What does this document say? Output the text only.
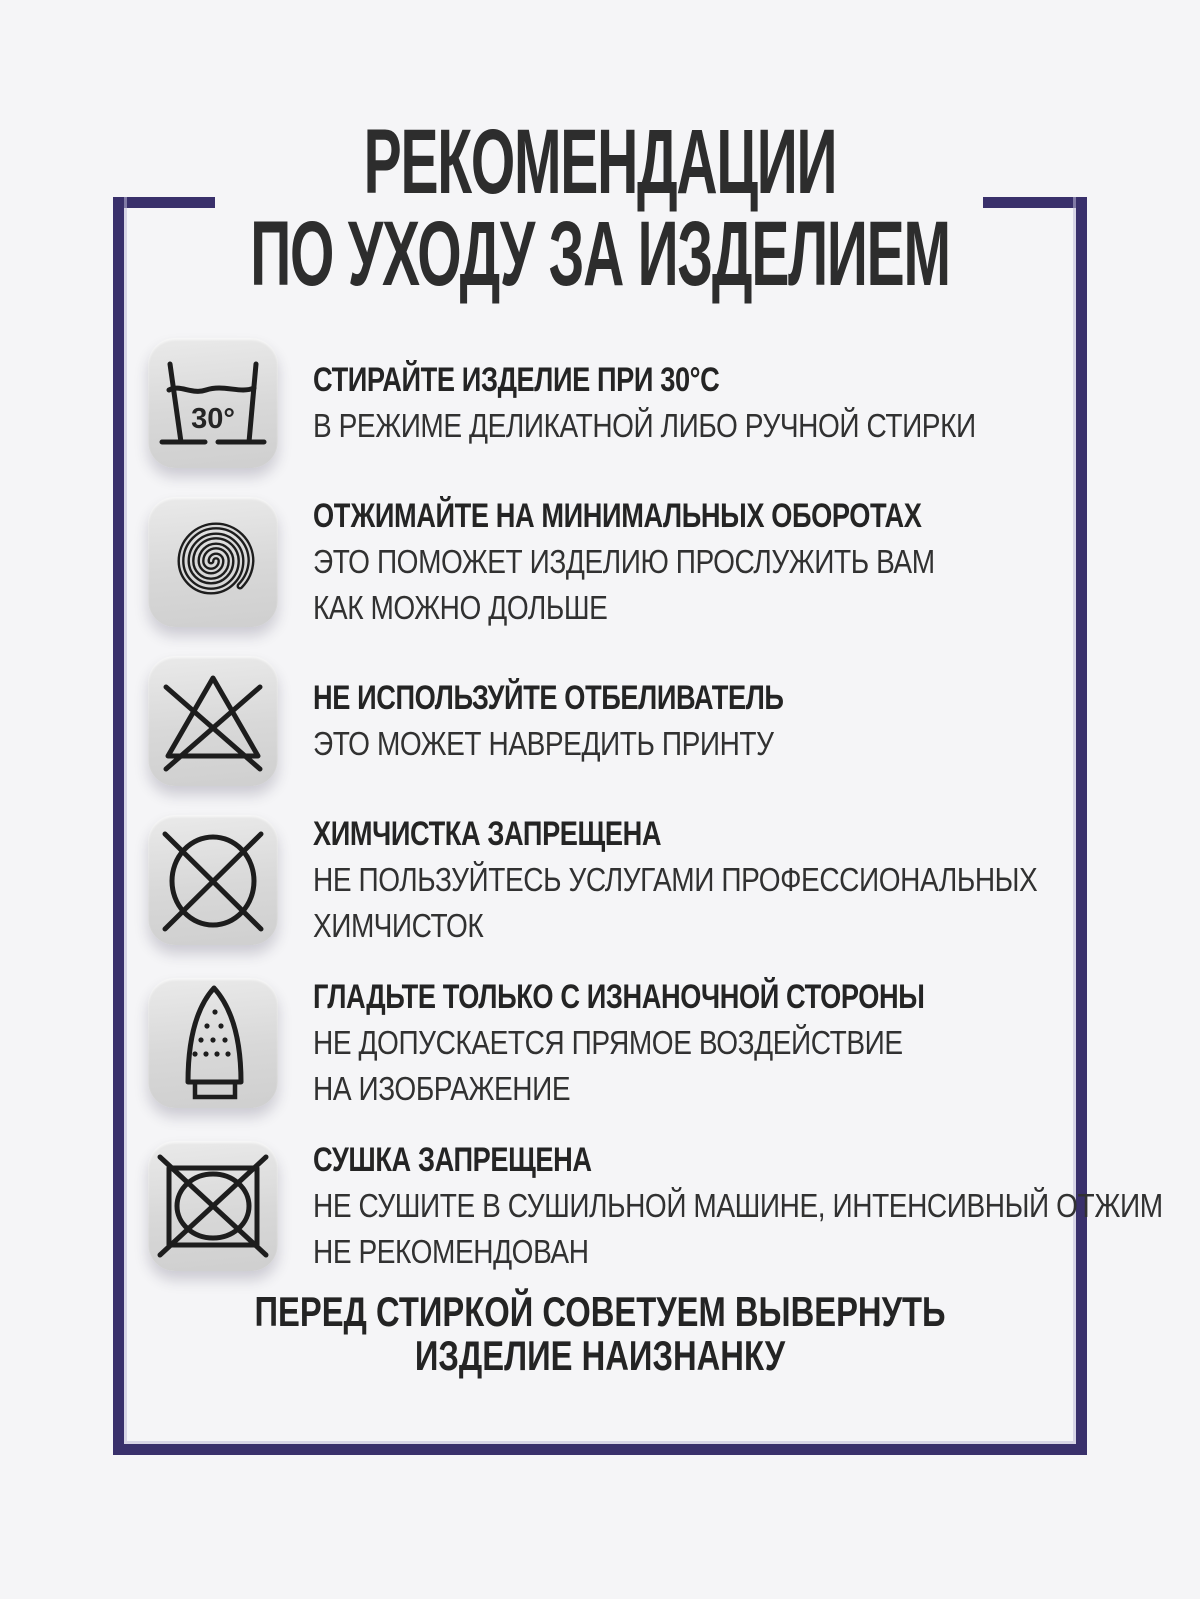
РЕКОМЕНДАЦИИ
ПО УХОДУ ЗА ИЗДЕЛИЕМ
30°
СТИРАЙТЕ ИЗДЕЛИЕ ПРИ 30°С
В РЕЖИМЕ ДЕЛИКАТНОЙ ЛИБО РУЧНОЙ СТИРКИ
ОТЖИМАЙТЕ НА МИНИМАЛЬНЫХ ОБОРОТАХ
ЭТО ПОМОЖЕТ ИЗДЕЛИЮ ПРОСЛУЖИТЬ ВАМ
КАК МОЖНО ДОЛЬШЕ
НЕ ИСПОЛЬЗУЙТЕ ОТБЕЛИВАТЕЛЬ
ЭТО МОЖЕТ НАВРЕДИТЬ ПРИНТУ
ХИМЧИСТКА ЗАПРЕЩЕНА
НЕ ПОЛЬЗУЙТЕСЬ УСЛУГАМИ ПРОФЕССИОНАЛЬНЫХ
ХИМЧИСТОК
ГЛАДЬТЕ ТОЛЬКО С ИЗНАНОЧНОЙ СТОРОНЫ
НЕ ДОПУСКАЕТСЯ ПРЯМОЕ ВОЗДЕЙСТВИЕ
НА ИЗОБРАЖЕНИЕ
СУШКА ЗАПРЕЩЕНА
НЕ СУШИТЕ В СУШИЛЬНОЙ МАШИНЕ, ИНТЕНСИВНЫЙ ОТЖИМ
НЕ РЕКОМЕНДОВАН

ПЕРЕД СТИРКОЙ СОВЕТУЕМ ВЫВЕРНУТЬ
ИЗДЕЛИЕ НАИЗНАНКУ
